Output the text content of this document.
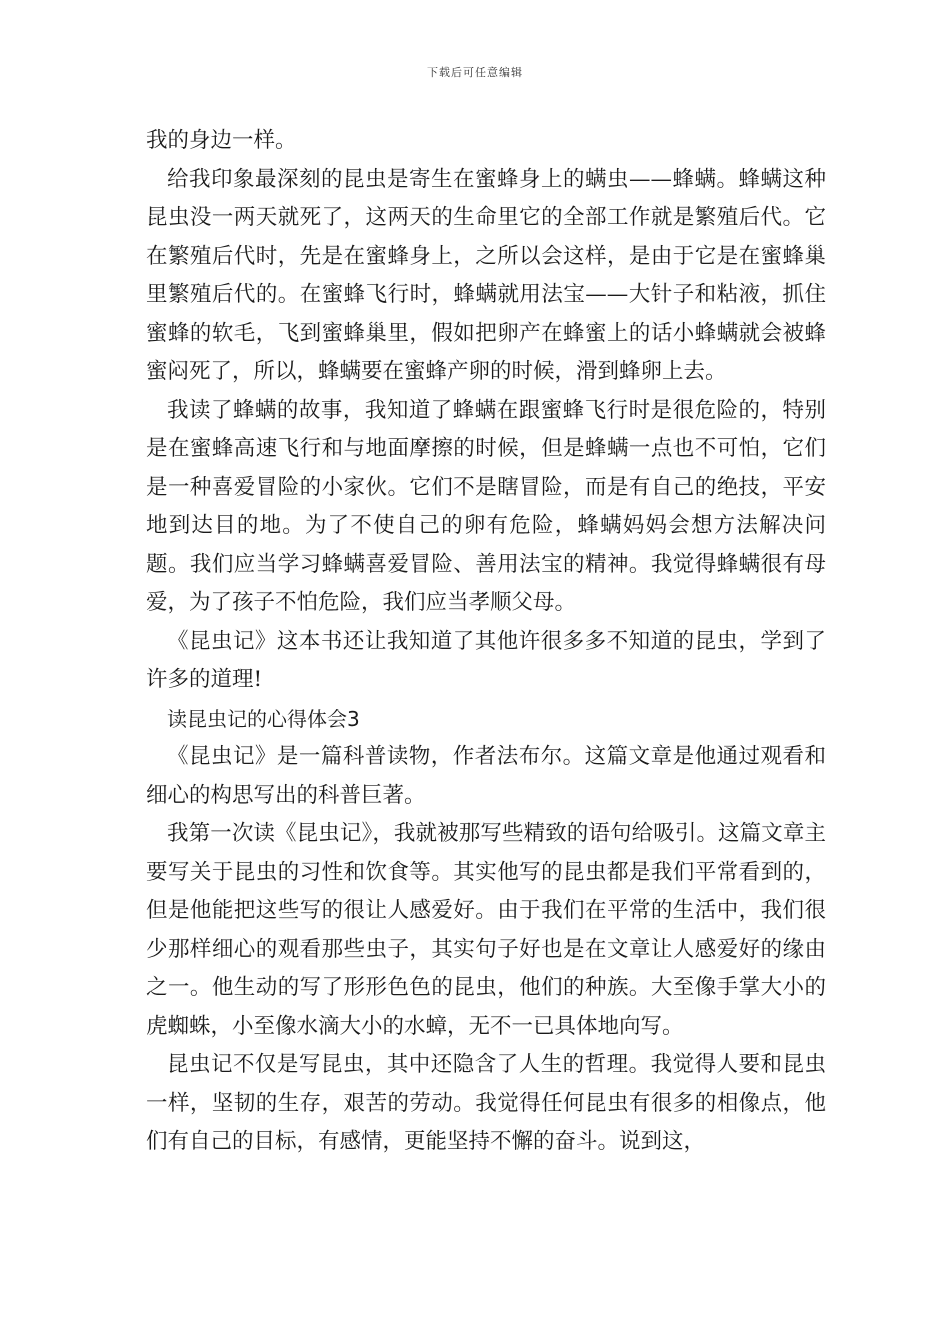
下载后可任意编辑

我的身边一样。

给我印象最深刻的昆虫是寄生在蜜蜂身上的螨虫——蜂螨。蜂螨这种昆虫没一两天就死了，这两天的生命里它的全部工作就是繁殖后代。它在繁殖后代时，先是在蜜蜂身上，之所以会这样，是由于它是在蜜蜂巢里繁殖后代的。在蜜蜂飞行时，蜂螨就用法宝——大针子和粘液，抓住蜜蜂的软毛，飞到蜜蜂巢里，假如把卵产在蜂蜜上的话小蜂螨就会被蜂蜜闷死了，所以，蜂螨要在蜜蜂产卵的时候，滑到蜂卵上去。

我读了蜂螨的故事，我知道了蜂螨在跟蜜蜂飞行时是很危险的，特别是在蜜蜂高速飞行和与地面摩擦的时候，但是蜂螨一点也不可怕，它们是一种喜爱冒险的小家伙。它们不是瞎冒险，而是有自己的绝技，平安地到达目的地。为了不使自己的卵有危险，蜂螨妈妈会想方法解决问题。我们应当学习蜂螨喜爱冒险、善用法宝的精神。我觉得蜂螨很有母爱，为了孩子不怕危险，我们应当孝顺父母。

《昆虫记》这本书还让我知道了其他许很多多不知道的昆虫，学到了许多的道理!

读昆虫记的心得体会3

《昆虫记》是一篇科普读物，作者法布尔。这篇文章是他通过观看和细心的构思写出的科普巨著。

我第一次读《昆虫记》，我就被那写些精致的语句给吸引。这篇文章主要写关于昆虫的习性和饮食等。其实他写的昆虫都是我们平常看到的，但是他能把这些写的很让人感爱好。由于我们在平常的生活中，我们很少那样细心的观看那些虫子，其实句子好也是在文章让人感爱好的缘由之一。他生动的写了形形色色的昆虫，他们的种族。大至像手掌大小的虎蜘蛛，小至像水滴大小的水蟑，无不一已具体地向写。

昆虫记不仅是写昆虫，其中还隐含了人生的哲理。我觉得人要和昆虫一样，坚韧的生存，艰苦的劳动。我觉得任何昆虫有很多的相像点，他们有自己的目标，有感情，更能坚持不懈的奋斗。说到这，
